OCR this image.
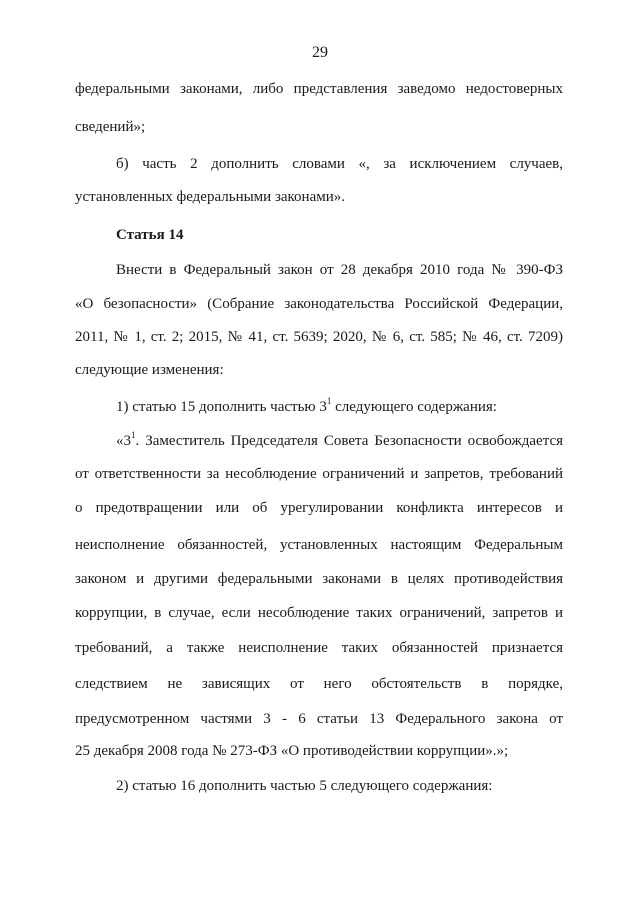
29
федеральными законами, либо представления заведомо недостоверных
сведений»;
б) часть 2 дополнить словами «, за исключением случаев,
установленных федеральными законами».
Статья 14
Внести в Федеральный закон от 28 декабря 2010 года № 390-ФЗ
«О безопасности» (Собрание законодательства Российской Федерации,
2011, № 1, ст. 2; 2015, № 41, ст. 5639; 2020, № 6, ст. 585; № 46, ст. 7209)
следующие изменения:
1) статью 15 дополнить частью $3^1$ следующего содержания:
«$3^1$. Заместитель Председателя Совета Безопасности освобождается
от ответственности за несоблюдение ограничений и запретов, требований
о предотвращении или об урегулировании конфликта интересов и
неисполнение обязанностей, установленных настоящим Федеральным
законом и другими федеральными законами в целях противодействия
коррупции, в случае, если несоблюдение таких ограничений, запретов и
требований, а также неисполнение таких обязанностей признается
следствием не зависящих от него обстоятельств в порядке,
предусмотренном частями 3 - 6 статьи 13 Федерального закона от
25 декабря 2008 года № 273-ФЗ «О противодействии коррупции».»;
2) статью 16 дополнить частью 5 следующего содержания:
